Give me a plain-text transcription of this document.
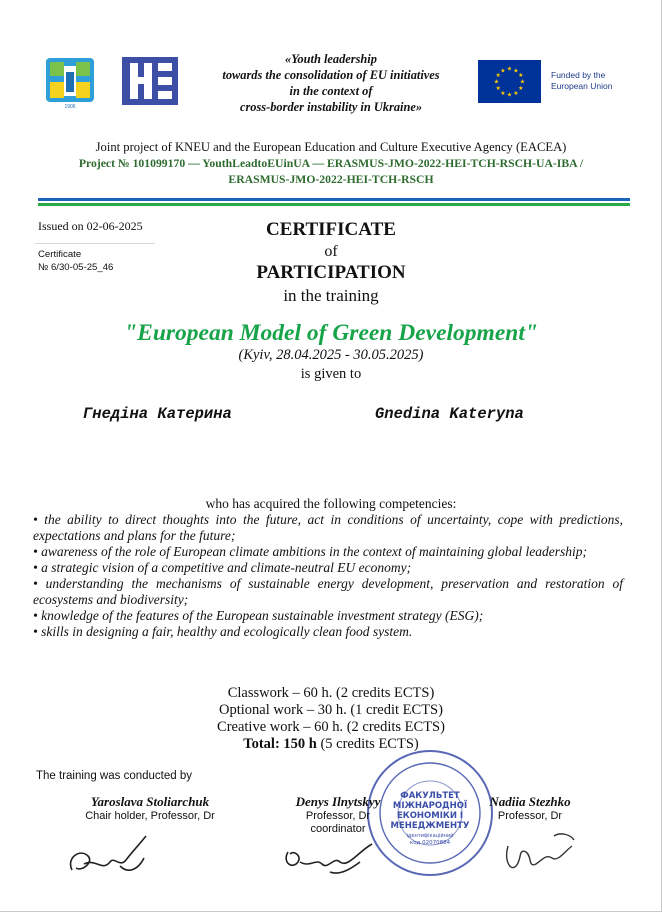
1906
«Youth leadership
towards the consolidation of EU initiatives
in the context of
cross-border instability in Ukraine»
★
★
★
★
★
★
★
★
★ ★ ★
★	Funded by the
European Union
Joint project of KNEU and the European Education and Culture Executive Agency (EACEA)
Project № 101099170 — YouthLeadtoEUinUA — ERASMUS-JMO-2022-HEI-TCH-RSCH-UA-IBA /
ERASMUS-JMO-2022-HEI-TCH-RSCH
Issued on 02-06-2025
Certificate
№ 6/30-05-25_46
CERTIFICATE
of
PARTICIPATION
in the training
"European Model of Green Development"
(Kyiv, 28.04.2025 - 30.05.2025)
is given to
Гнедіна Катерина	Gnedina Kateryna
who has acquired the following competencies:
• the ability to direct thoughts into the future, act in conditions of uncertainty, cope with predictions, expectations and plans for the future;
• awareness of the role of European climate ambitions in the context of maintaining global leadership;
• a strategic vision of a competitive and climate-neutral EU economy;
• understanding the mechanisms of sustainable energy development, preservation and restoration of ecosystems and biodiversity;
• knowledge of the features of the European sustainable investment strategy (ESG);
• skills in designing a fair, healthy and ecologically clean food system.
Classwork – 60 h. (2 credits ECTS)
Optional work – 30 h. (1 credit ECTS)
Creative work – 60 h. (2 credits ECTS)
Total: 150 h (5 credits ECTS)
The training was conducted by
ФАКУЛЬТЕТ
МІЖНАРОДНОЇ
ЕКОНОМІКИ І
МЕНЕДЖМЕНТУ
ідентифікаційний
код 02070884
Yaroslava Stoliarchuk
Chair holder, Professor, Dr
Denys Ilnytskyy
Professor, Dr
coordinator
Nadiia Stezhko
Professor, Dr
